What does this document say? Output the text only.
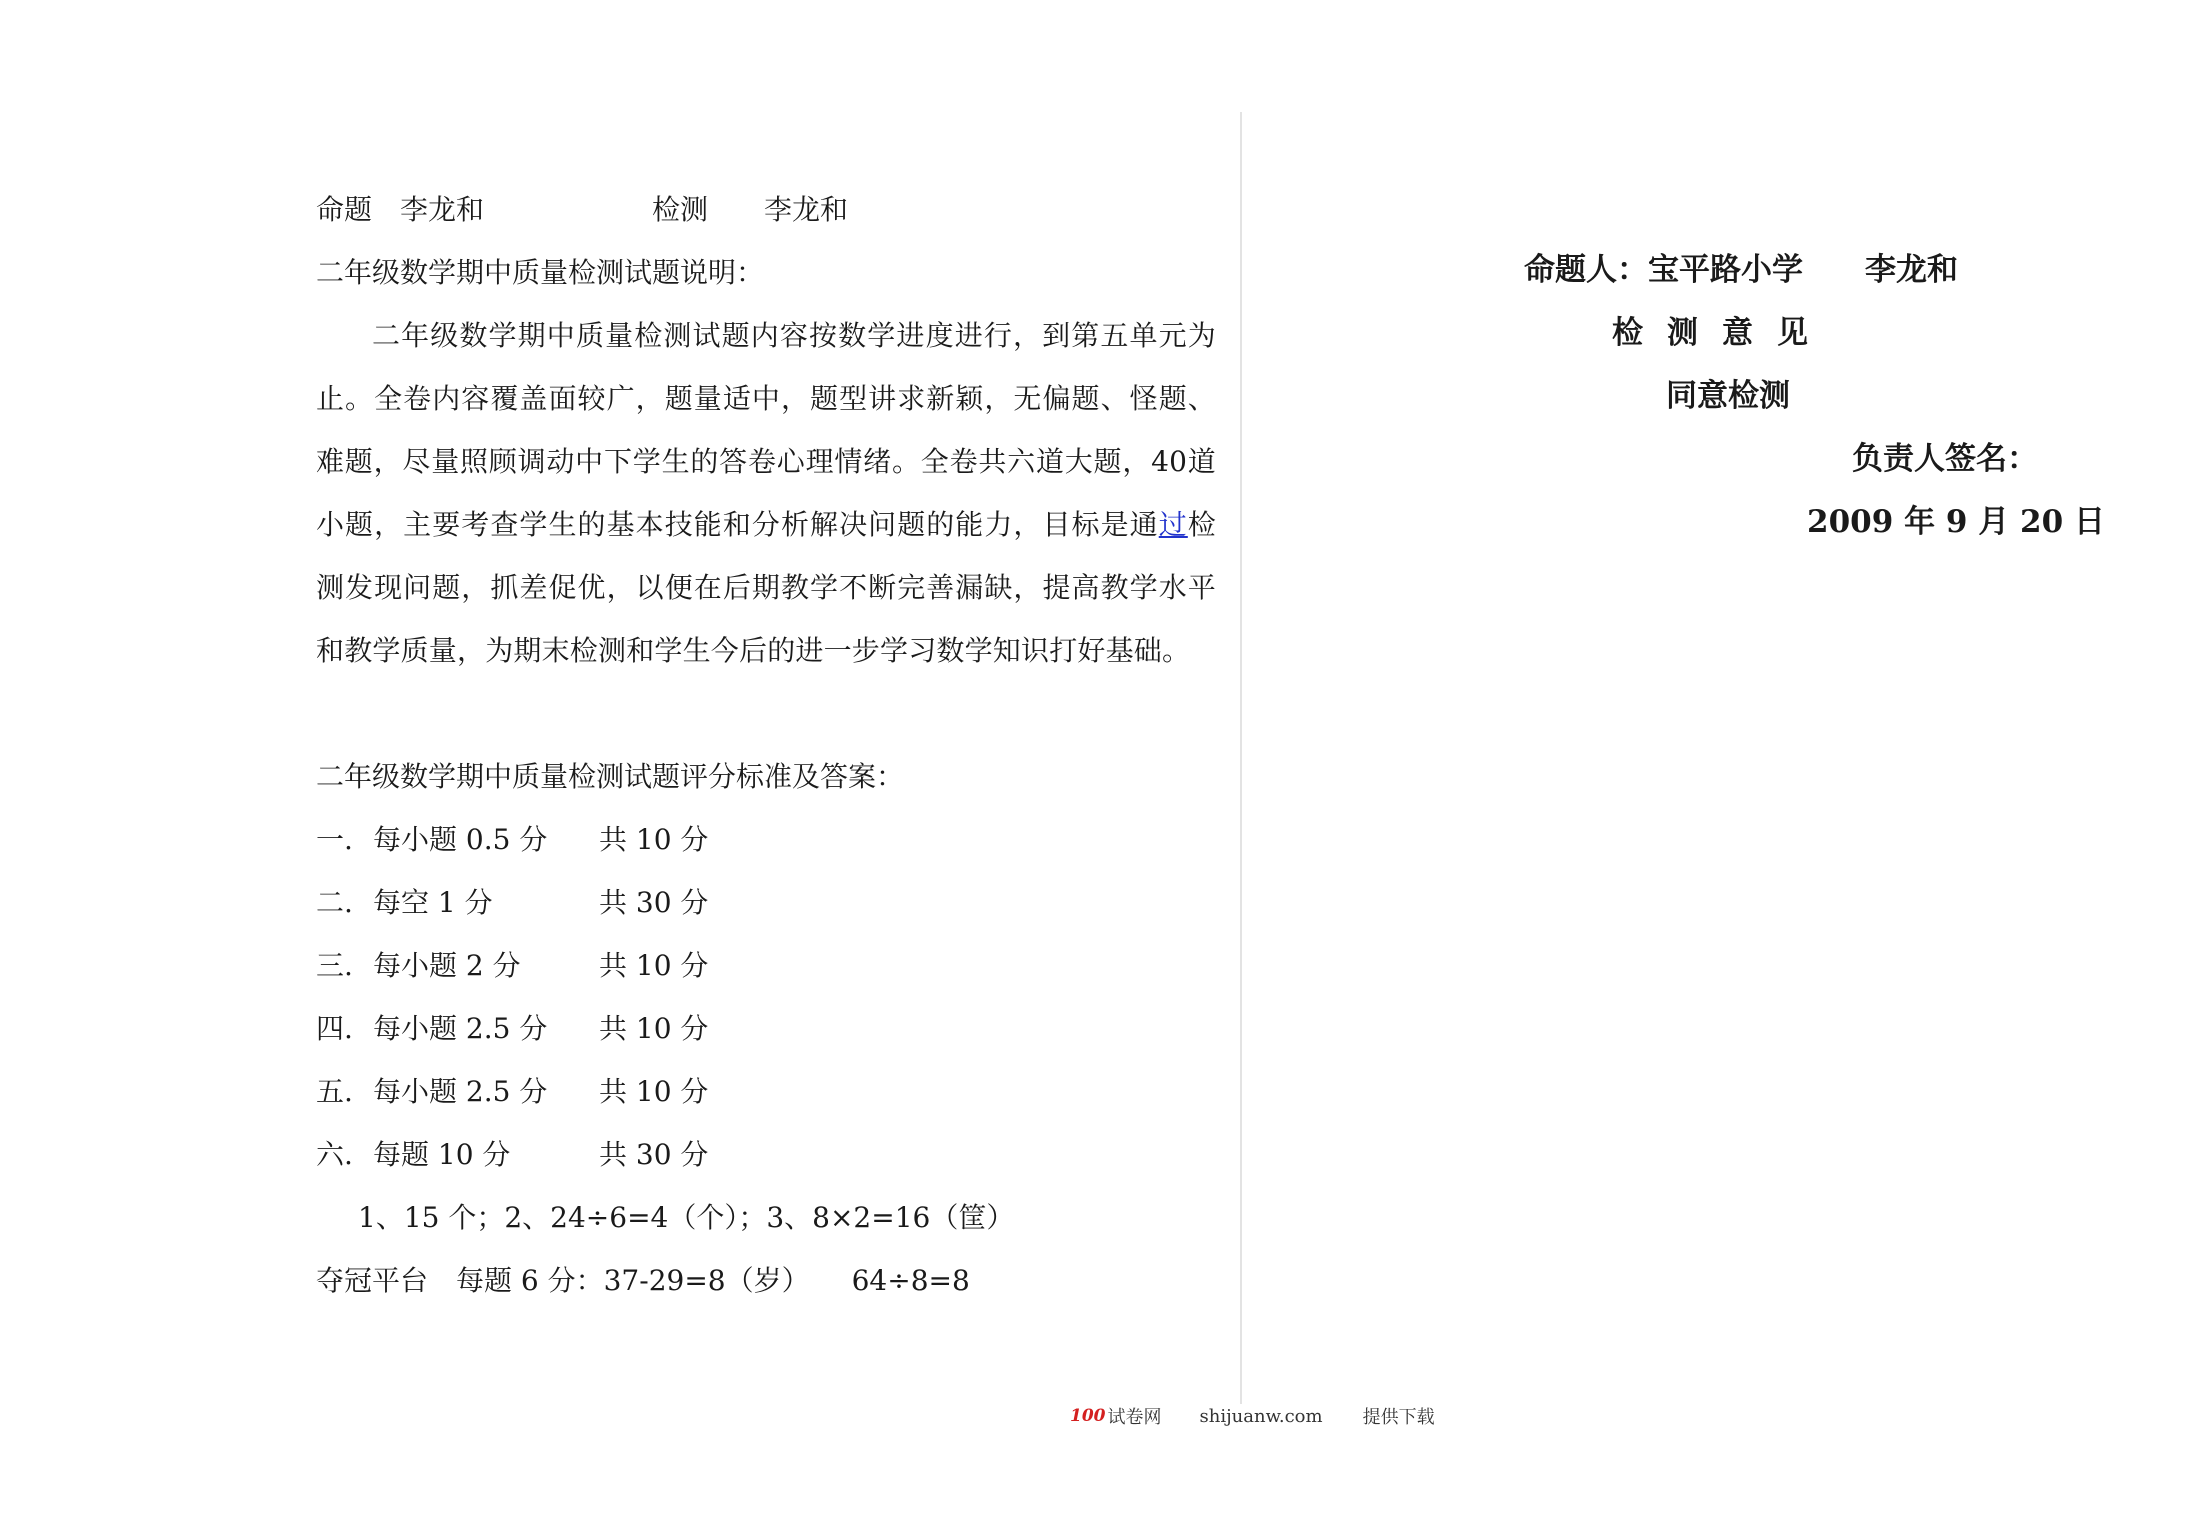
命题　李龙和　　　　　　检测　　李龙和
二年级数学期中质量检测试题说明：
二年级数学期中质量检测试题内容按数学进度进行，到第五单元为止。全卷内容覆盖面较广，题量适中，题型讲求新颖，无偏题、怪题、难题，尽量照顾调动中下学生的答卷心理情绪。全卷共六道大题，40道小题，主要考查学生的基本技能和分析解决问题的能力，目标是通过检测发现问题，抓差促优，以便在后期教学不断完善漏缺，提高教学水平和教学质量，为期末检测和学生今后的进一步学习数学知识打好基础。
二年级数学期中质量检测试题评分标准及答案：
一. 每小题 0.5 分	共 10 分
二. 每空 1 分	共 30 分
三. 每小题 2 分	共 10 分
四. 每小题 2.5 分	共 10 分
五. 每小题 2.5 分	共 10 分
六. 每题 10 分	共 30 分
1、15 个；2、24÷6=4（个）；3、8×2=16（筐）
夺冠平台　每题 6 分：37-29=8（岁）　　64÷8=8
命题人：宝平路小学　　李龙和
检测意见
同意检测
负责人签名：
2009 年 9 月 20 日
100 试卷网 shijuanw.com 提供下载
